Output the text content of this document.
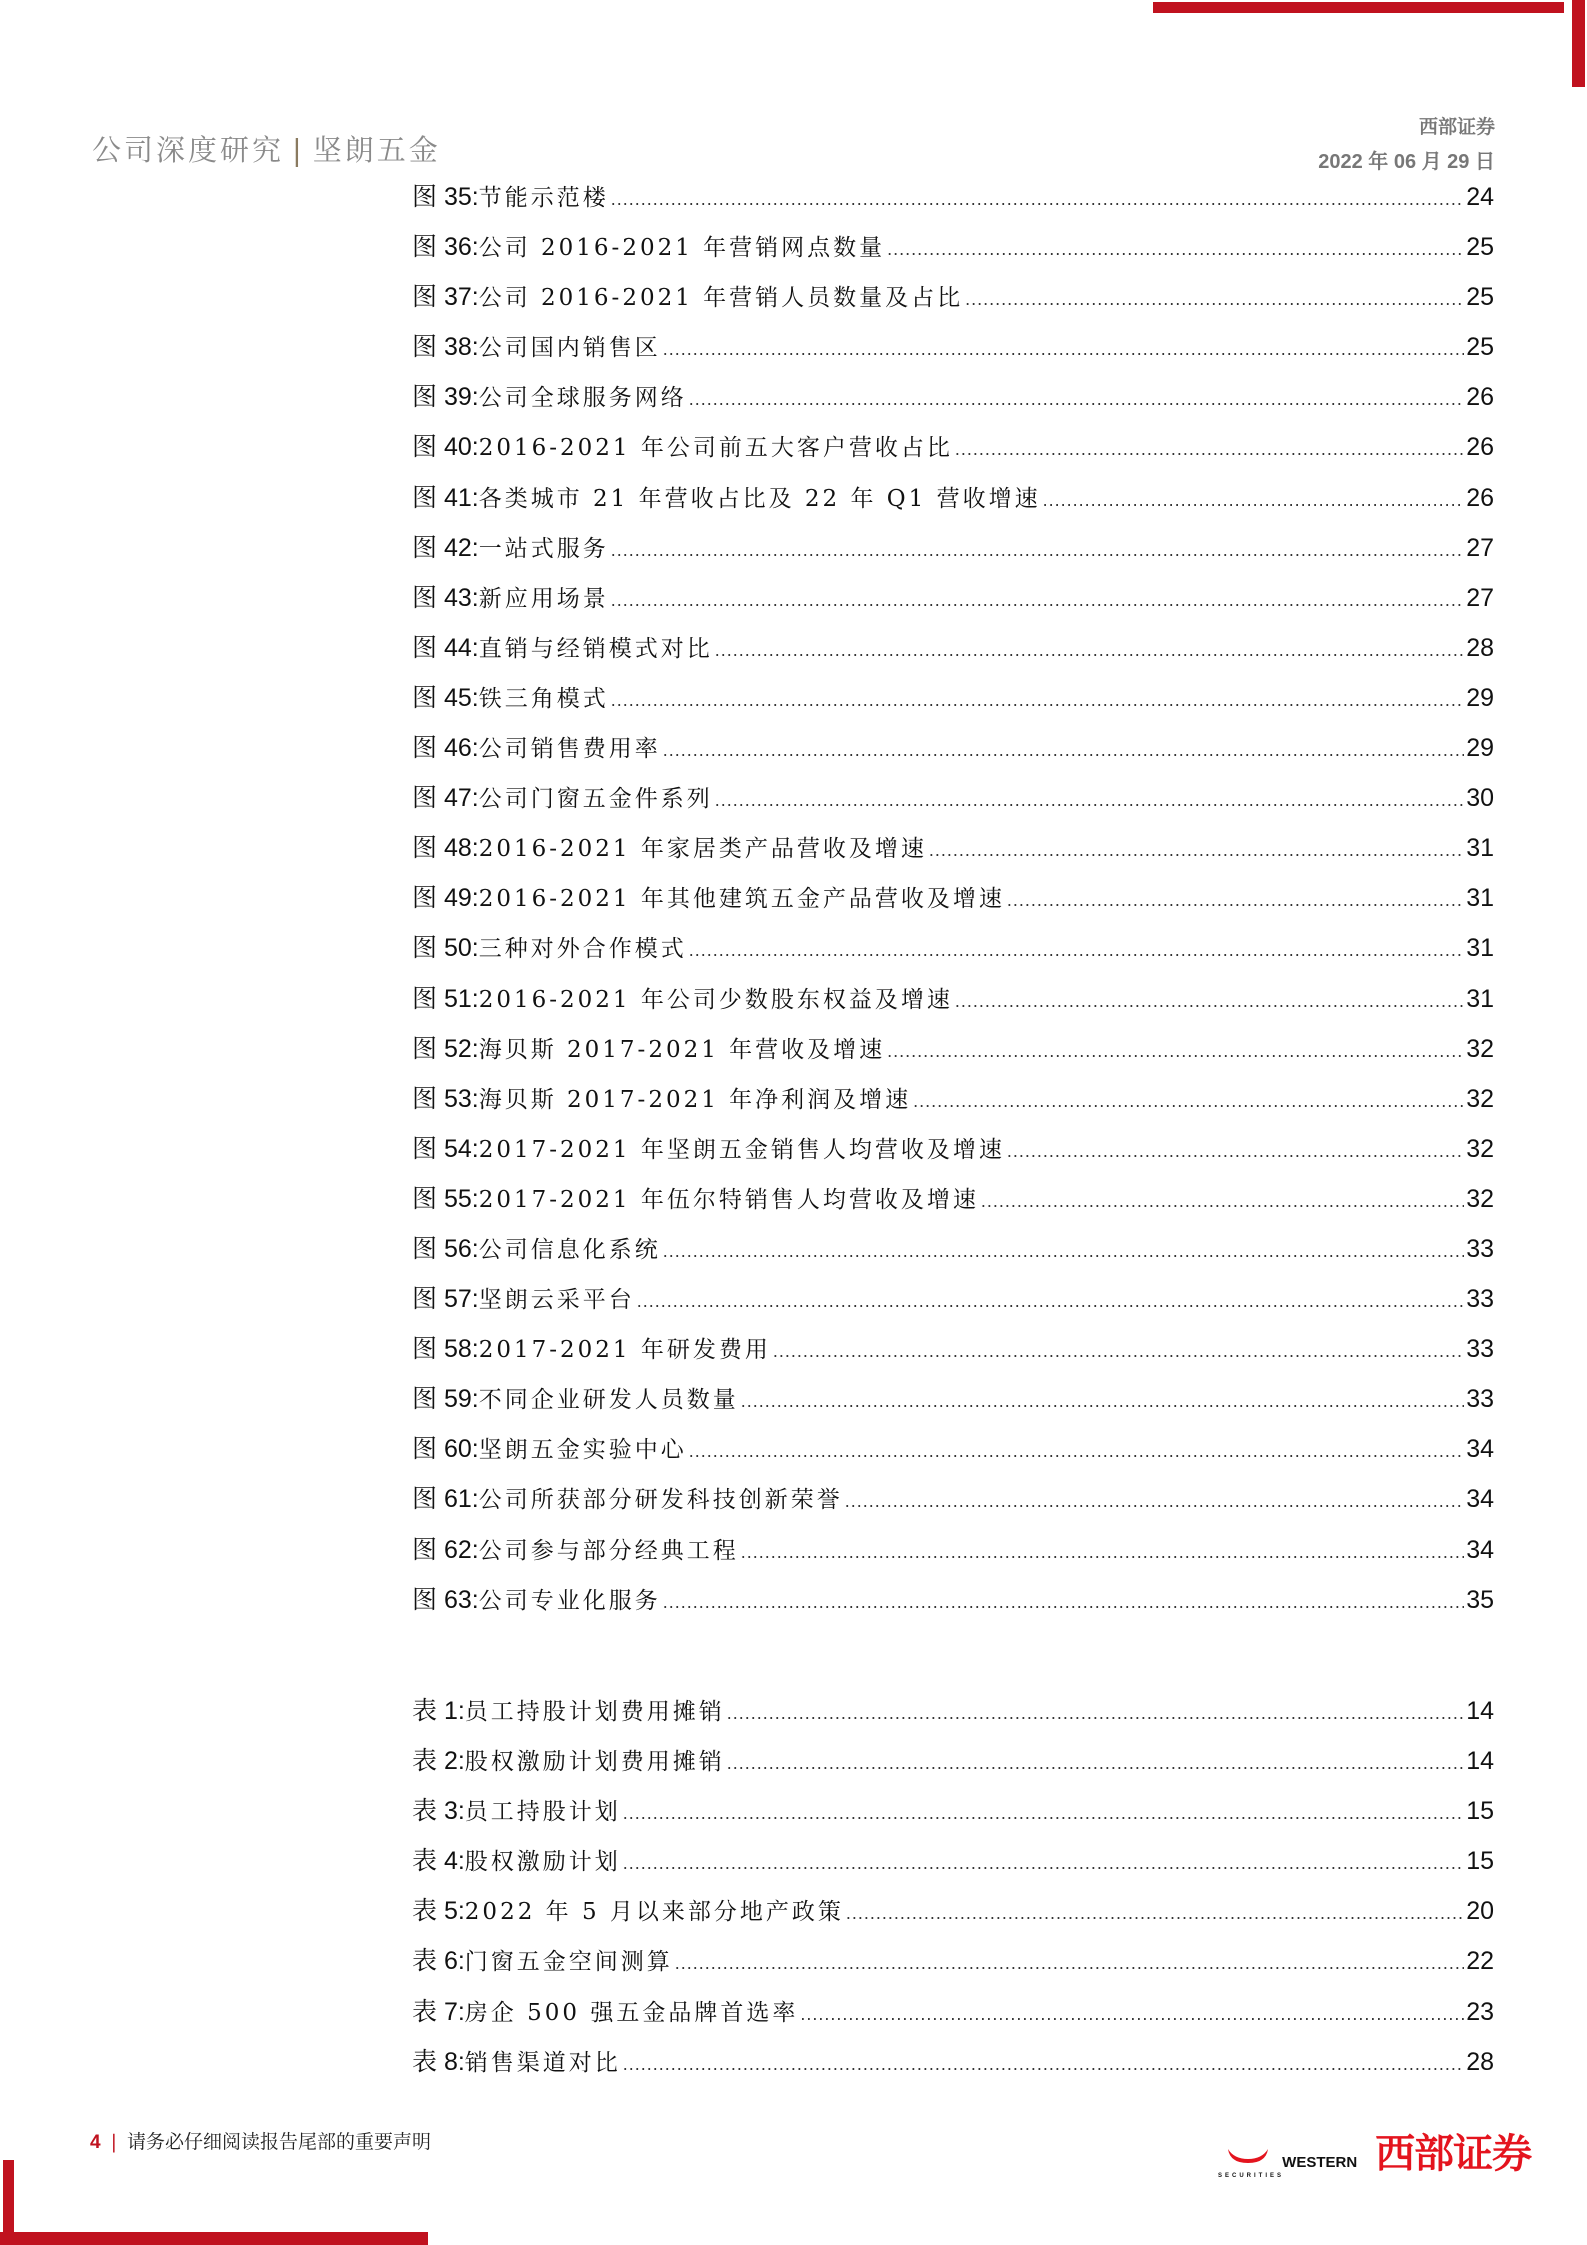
公司深度研究 | 坚朗五金
西部证券
2022 年 06 月 29 日
图 35: 节能示范楼 .....	24
图 36: 公司 2016-2021 年营销网点数量 .....	25
图 37: 公司 2016-2021 年营销人员数量及占比 .....	25
图 38: 公司国内销售区 .....	25
图 39: 公司全球服务网络 .....	26
图 40: 2016-2021 年公司前五大客户营收占比 .....	26
图 41: 各类城市 21 年营收占比及 22 年 Q1 营收增速 .....	26
图 42: 一站式服务 .....	27
图 43: 新应用场景 .....	27
图 44: 直销与经销模式对比 .....	28
图 45: 铁三角模式 .....	29
图 46: 公司销售费用率 .....	29
图 47: 公司门窗五金件系列 .....	30
图 48: 2016-2021 年家居类产品营收及增速 .....	31
图 49: 2016-2021 年其他建筑五金产品营收及增速 .....	31
图 50: 三种对外合作模式 .....	31
图 51: 2016-2021 年公司少数股东权益及增速 .....	31
图 52: 海贝斯 2017-2021 年营收及增速 .....	32
图 53: 海贝斯 2017-2021 年净利润及增速 .....	32
图 54: 2017-2021 年坚朗五金销售人均营收及增速 .....	32
图 55: 2017-2021 年伍尔特销售人均营收及增速 .....	32
图 56: 公司信息化系统 .....	33
图 57: 坚朗云采平台 .....	33
图 58: 2017-2021 年研发费用 .....	33
图 59: 不同企业研发人员数量 .....	33
图 60: 坚朗五金实验中心 .....	34
图 61: 公司所获部分研发科技创新荣誉 .....	34
图 62: 公司参与部分经典工程 .....	34
图 63: 公司专业化服务 .....	35
表 1: 员工持股计划费用摊销 .....	14
表 2: 股权激励计划费用摊销 .....	14
表 3: 员工持股计划 .....	15
表 4: 股权激励计划 .....	15
表 5: 2022 年 5 月以来部分地产政策 .....	20
表 6: 门窗五金空间测算 .....	22
表 7: 房企 500 强五金品牌首选率 .....	23
表 8: 销售渠道对比 .....	28
4 | 请务必仔细阅读报告尾部的重要声明
WESTERN
SECURITIES	西部证券
